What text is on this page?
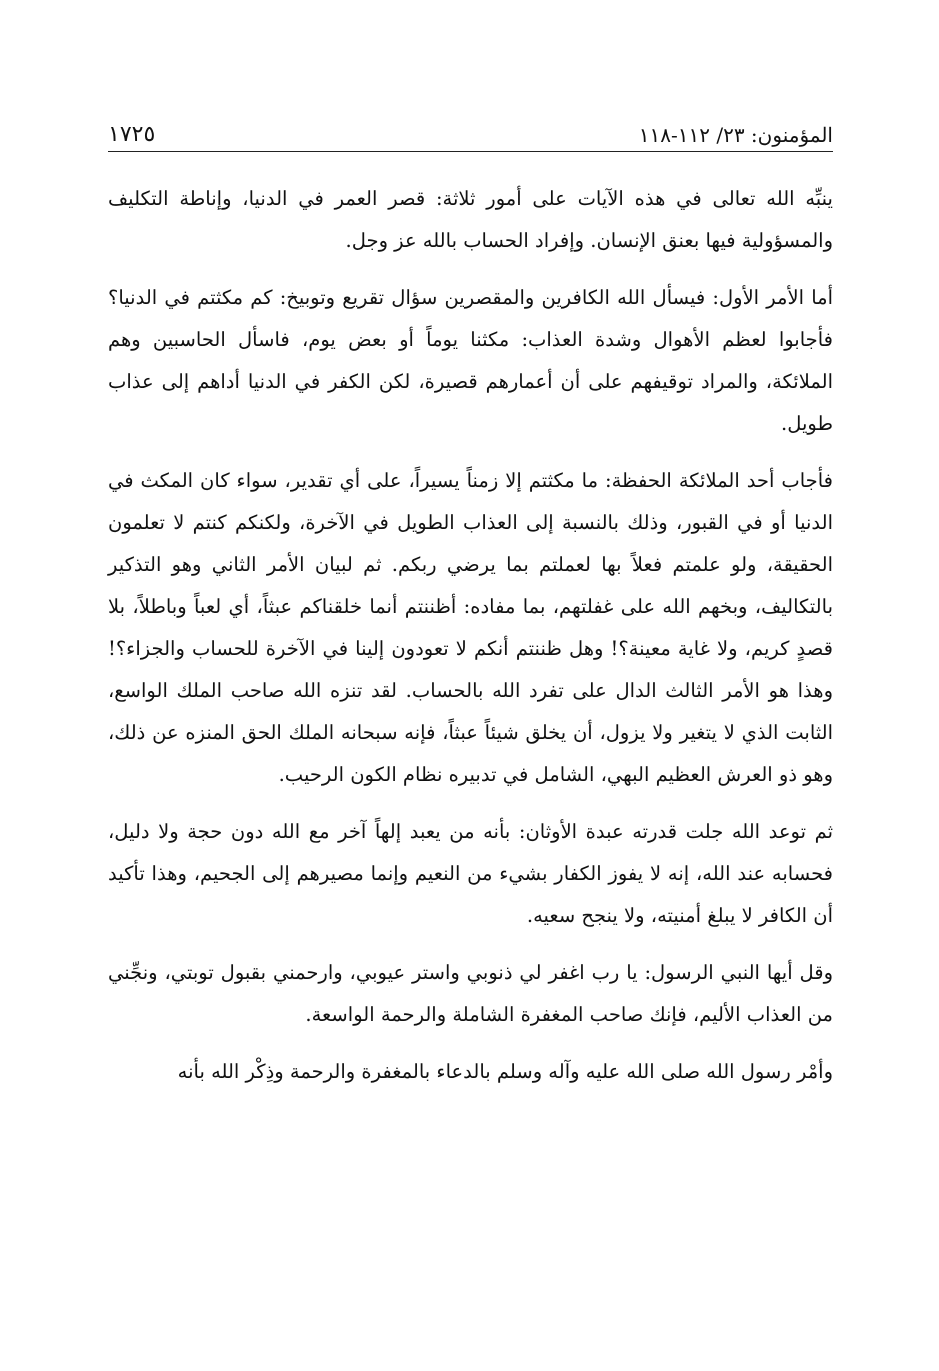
١٧٢٥	المؤمنون: ٢٣/ ١١٢-١١٨

ينبِّه الله تعالى في هذه الآيات على أمور ثلاثة: قصر العمر في الدنيا، وإناطة التكليف والمسؤولية فيها بعنق الإنسان. وإفراد الحساب بالله عز وجل.

أما الأمر الأول: فيسأل الله الكافرين والمقصرين سؤال تقريع وتوبيخ: كم مكثتم في الدنيا؟ فأجابوا لعظم الأهوال وشدة العذاب: مكثنا يوماً أو بعض يوم، فاسأل الحاسبين وهم الملائكة، والمراد توقيفهم على أن أعمارهم قصيرة، لكن الكفر في الدنيا أداهم إلى عذاب طويل.

فأجاب أحد الملائكة الحفظة: ما مكثتم إلا زمناً يسيراً، على أي تقدير، سواء كان المكث في الدنيا أو في القبور، وذلك بالنسبة إلى العذاب الطويل في الآخرة، ولكنكم كنتم لا تعلمون الحقيقة، ولو علمتم فعلاً بها لعملتم بما يرضي ربكم. ثم لبيان الأمر الثاني وهو التذكير بالتكاليف، وبخهم الله على غفلتهم، بما مفاده: أظننتم أنما خلقناكم عبثاً، أي لعباً وباطلاً، بلا قصدٍ كريم، ولا غاية معينة؟! وهل ظننتم أنكم لا تعودون إلينا في الآخرة للحساب والجزاء؟! وهذا هو الأمر الثالث الدال على تفرد الله بالحساب. لقد تنزه الله صاحب الملك الواسع، الثابت الذي لا يتغير ولا يزول، أن يخلق شيئاً عبثاً، فإنه سبحانه الملك الحق المنزه عن ذلك، وهو ذو العرش العظيم البهي، الشامل في تدبيره نظام الكون الرحيب.

ثم توعد الله جلت قدرته عبدة الأوثان: بأنه من يعبد إلهاً آخر مع الله دون حجة ولا دليل، فحسابه عند الله، إنه لا يفوز الكفار بشيء من النعيم وإنما مصيرهم إلى الجحيم، وهذا تأكيد أن الكافر لا يبلغ أمنيته، ولا ينجح سعيه.

وقل أيها النبي الرسول: يا رب اغفر لي ذنوبي واستر عيوبي، وارحمني بقبول توبتي، ونجِّني من العذاب الأليم، فإنك صاحب المغفرة الشاملة والرحمة الواسعة.

وأمْر رسول الله صلى الله عليه وآله وسلم بالدعاء بالمغفرة والرحمة وذِكْر الله بأنه
